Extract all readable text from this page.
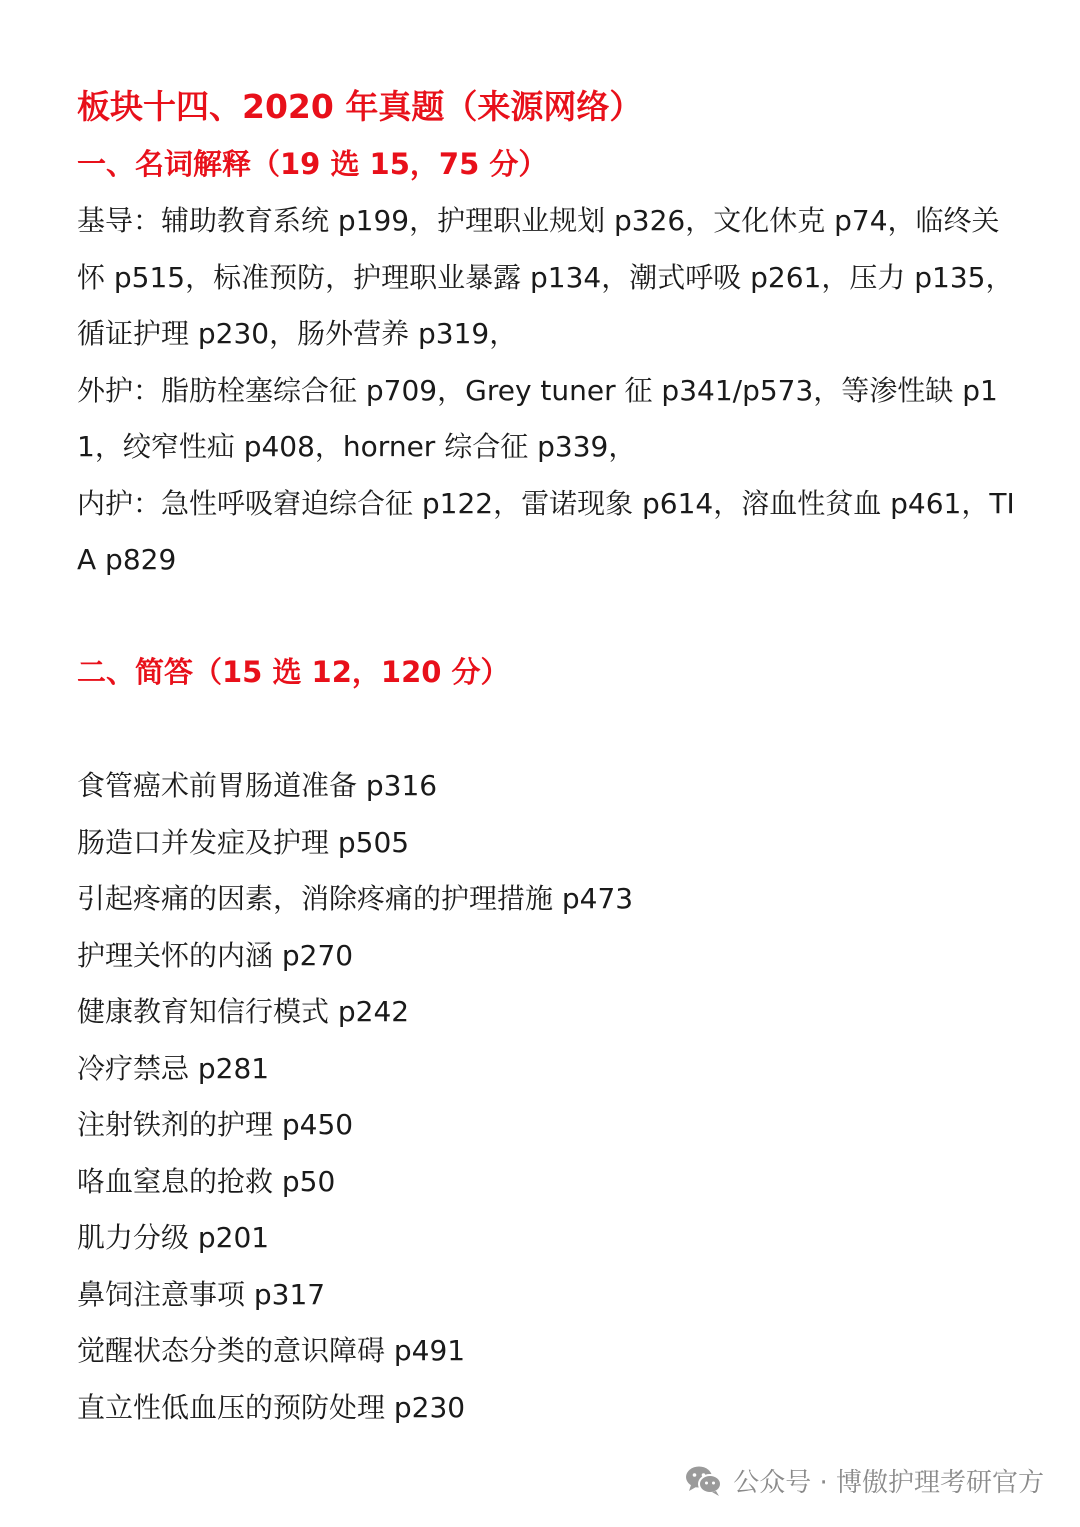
板块十四、2020 年真题（来源网络）
一、名词解释（19 选 15，75 分）

基导：辅助教育系统 p199，护理职业规划 p326，文化休克 p74，临终关怀 p515，标准预防，护理职业暴露 p134，潮式呼吸 p261，压力 p135，循证护理 p230，肠外营养 p319，

外护：脂肪栓塞综合征 p709，Grey tuner 征 p341/p573，等渗性缺 p11，绞窄性疝 p408，horner 综合征 p339，

内护：急性呼吸窘迫综合征 p122，雷诺现象 p614，溶血性贫血 p461，TIA p829

二、简答（15 选 12，120 分）
食管癌术前胃肠道准备 p316
肠造口并发症及护理 p505
引起疼痛的因素，消除疼痛的护理措施 p473
护理关怀的内涵 p270
健康教育知信行模式 p242
冷疗禁忌 p281
注射铁剂的护理 p450
咯血窒息的抢救 p50
肌力分级 p201
鼻饲注意事项 p317
觉醒状态分类的意识障碍 p491
直立性低血压的预防处理 p230
公众号 · 博傲护理考研官方
